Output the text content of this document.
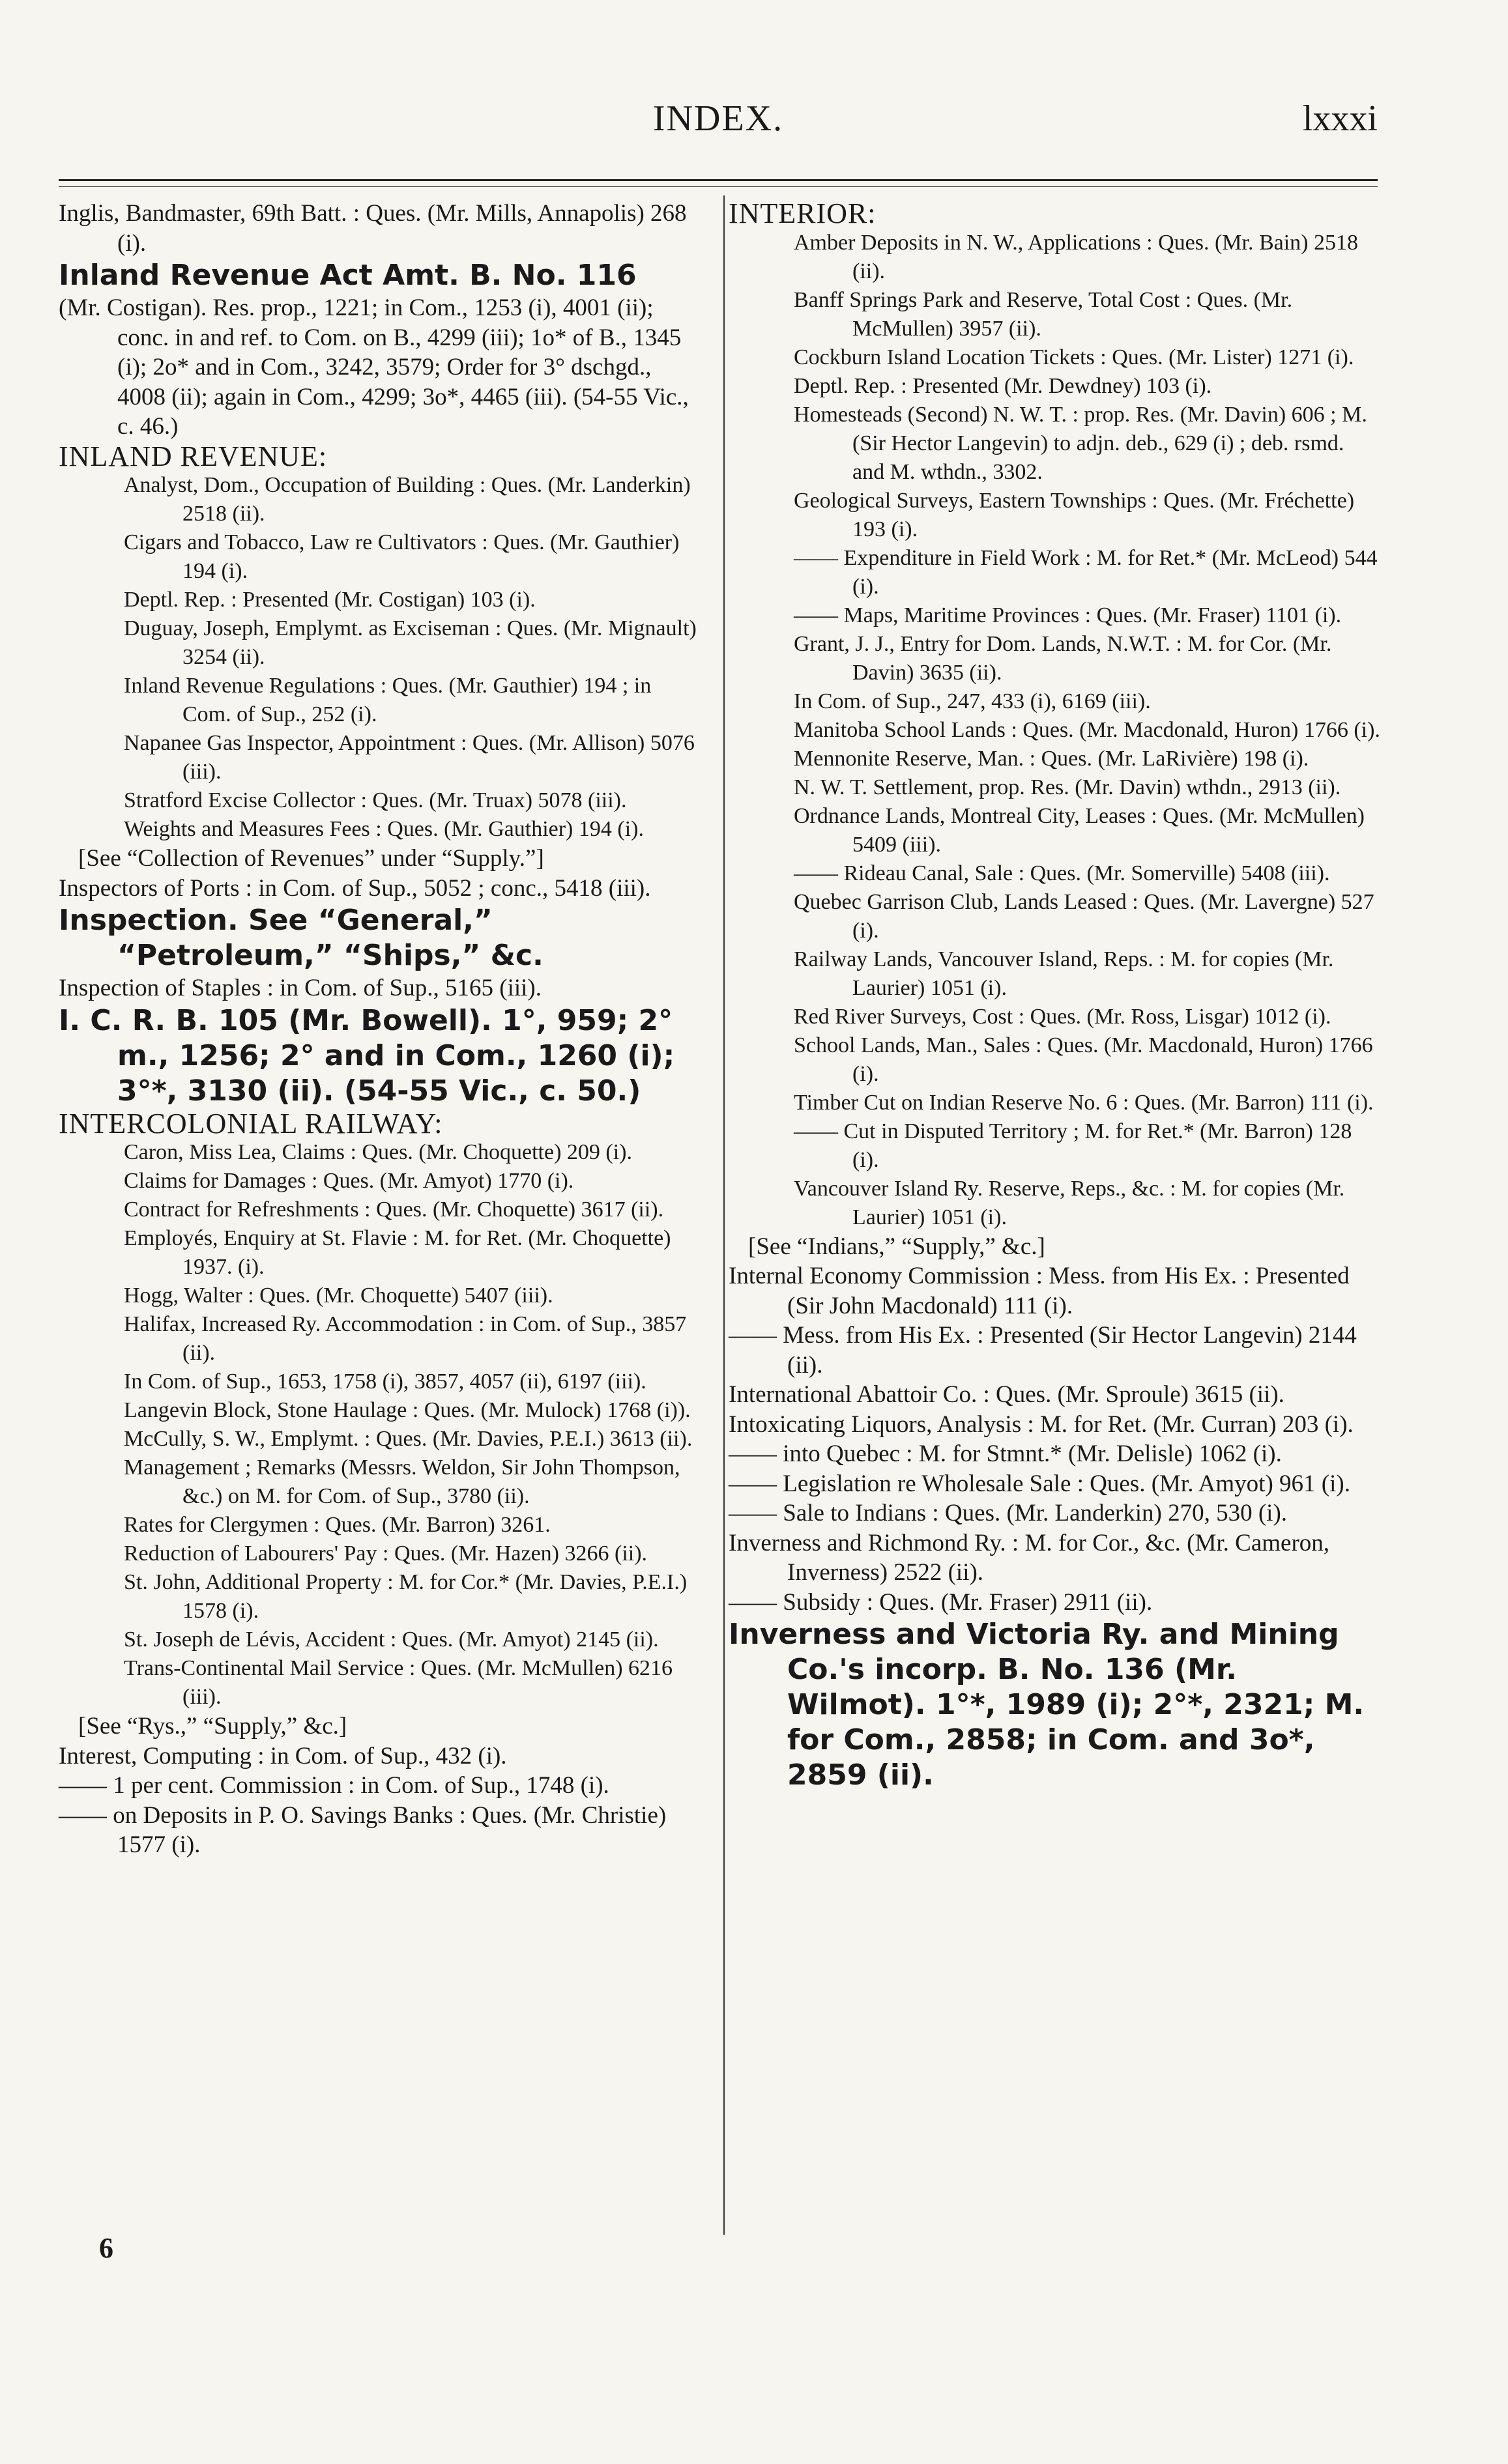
INDEX.	lxxxi

Inglis, Bandmaster, 69th Batt. : Ques. (Mr. Mills, Annapolis) 268 (i).

Inland Revenue Act Amt. B. No. 116

(Mr. Costigan). Res. prop., 1221; in Com., 1253 (i), 4001 (ii); conc. in and ref. to Com. on B., 4299 (iii); 1o* of B., 1345 (i); 2o* and in Com., 3242, 3579; Order for 3° dschgd., 4008 (ii); again in Com., 4299; 3o*, 4465 (iii). (54-55 Vic., c. 46.)

INLAND REVENUE:

Analyst, Dom., Occupation of Building : Ques. (Mr. Landerkin) 2518 (ii).

Cigars and Tobacco, Law re Cultivators : Ques. (Mr. Gauthier) 194 (i).

Deptl. Rep. : Presented (Mr. Costigan) 103 (i).

Duguay, Joseph, Emplymt. as Exciseman : Ques. (Mr. Mignault) 3254 (ii).

Inland Revenue Regulations : Ques. (Mr. Gauthier) 194 ; in Com. of Sup., 252 (i).

Napanee Gas Inspector, Appointment : Ques. (Mr. Allison) 5076 (iii).

Stratford Excise Collector : Ques. (Mr. Truax) 5078 (iii).

Weights and Measures Fees : Ques. (Mr. Gauthier) 194 (i).

[See “Collection of Revenues” under “Supply.”]

Inspectors of Ports : in Com. of Sup., 5052 ; conc., 5418 (iii).

Inspection. See “General,” “Petroleum,” “Ships,” &c.

Inspection of Staples : in Com. of Sup., 5165 (iii).

I. C. R. B. 105 (Mr. Bowell). 1°, 959; 2° m., 1256; 2° and in Com., 1260 (i); 3°*, 3130 (ii). (54-55 Vic., c. 50.)

INTERCOLONIAL RAILWAY:

Caron, Miss Lea, Claims : Ques. (Mr. Choquette) 209 (i).

Claims for Damages : Ques. (Mr. Amyot) 1770 (i).

Contract for Refreshments : Ques. (Mr. Choquette) 3617 (ii).

Employés, Enquiry at St. Flavie : M. for Ret. (Mr. Choquette) 1937. (i).

Hogg, Walter : Ques. (Mr. Choquette) 5407 (iii).

Halifax, Increased Ry. Accommodation : in Com. of Sup., 3857 (ii).

In Com. of Sup., 1653, 1758 (i), 3857, 4057 (ii), 6197 (iii).

Langevin Block, Stone Haulage : Ques. (Mr. Mulock) 1768 (i)).

McCully, S. W., Emplymt. : Ques. (Mr. Davies, P.E.I.) 3613 (ii).

Management ; Remarks (Messrs. Weldon, Sir John Thompson, &c.) on M. for Com. of Sup., 3780 (ii).

Rates for Clergymen : Ques. (Mr. Barron) 3261.

Reduction of Labourers' Pay : Ques. (Mr. Hazen) 3266 (ii).

St. John, Additional Property : M. for Cor.* (Mr. Davies, P.E.I.) 1578 (i).

St. Joseph de Lévis, Accident : Ques. (Mr. Amyot) 2145 (ii).

Trans-Continental Mail Service : Ques. (Mr. McMullen) 6216 (iii).

[See “Rys.,” “Supply,” &c.]

Interest, Computing : in Com. of Sup., 432 (i).

—— 1 per cent. Commission : in Com. of Sup., 1748 (i).

—— on Deposits in P. O. Savings Banks : Ques. (Mr. Christie) 1577 (i).

INTERIOR:

Amber Deposits in N. W., Applications : Ques. (Mr. Bain) 2518 (ii).

Banff Springs Park and Reserve, Total Cost : Ques. (Mr. McMullen) 3957 (ii).

Cockburn Island Location Tickets : Ques. (Mr. Lister) 1271 (i).

Deptl. Rep. : Presented (Mr. Dewdney) 103 (i).

Homesteads (Second) N. W. T. : prop. Res. (Mr. Davin) 606 ; M. (Sir Hector Langevin) to adjn. deb., 629 (i) ; deb. rsmd. and M. wthdn., 3302.

Geological Surveys, Eastern Townships : Ques. (Mr. Fréchette) 193 (i).

—— Expenditure in Field Work : M. for Ret.* (Mr. McLeod) 544 (i).

—— Maps, Maritime Provinces : Ques. (Mr. Fraser) 1101 (i).

Grant, J. J., Entry for Dom. Lands, N.W.T. : M. for Cor. (Mr. Davin) 3635 (ii).

In Com. of Sup., 247, 433 (i), 6169 (iii).

Manitoba School Lands : Ques. (Mr. Macdonald, Huron) 1766 (i).

Mennonite Reserve, Man. : Ques. (Mr. LaRivière) 198 (i).

N. W. T. Settlement, prop. Res. (Mr. Davin) wthdn., 2913 (ii).

Ordnance Lands, Montreal City, Leases : Ques. (Mr. McMullen) 5409 (iii).

—— Rideau Canal, Sale : Ques. (Mr. Somerville) 5408 (iii).

Quebec Garrison Club, Lands Leased : Ques. (Mr. Lavergne) 527 (i).

Railway Lands, Vancouver Island, Reps. : M. for copies (Mr. Laurier) 1051 (i).

Red River Surveys, Cost : Ques. (Mr. Ross, Lisgar) 1012 (i).

School Lands, Man., Sales : Ques. (Mr. Macdonald, Huron) 1766 (i).

Timber Cut on Indian Reserve No. 6 : Ques. (Mr. Barron) 111 (i).

—— Cut in Disputed Territory ; M. for Ret.* (Mr. Barron) 128 (i).

Vancouver Island Ry. Reserve, Reps., &c. : M. for copies (Mr. Laurier) 1051 (i).

[See “Indians,” “Supply,” &c.]

Internal Economy Commission : Mess. from His Ex. : Presented (Sir John Macdonald) 111 (i).

—— Mess. from His Ex. : Presented (Sir Hector Langevin) 2144 (ii).

International Abattoir Co. : Ques. (Mr. Sproule) 3615 (ii).

Intoxicating Liquors, Analysis : M. for Ret. (Mr. Curran) 203 (i).

—— into Quebec : M. for Stmnt.* (Mr. Delisle) 1062 (i).

—— Legislation re Wholesale Sale : Ques. (Mr. Amyot) 961 (i).

—— Sale to Indians : Ques. (Mr. Landerkin) 270, 530 (i).

Inverness and Richmond Ry. : M. for Cor., &c. (Mr. Cameron, Inverness) 2522 (ii).

—— Subsidy : Ques. (Mr. Fraser) 2911 (ii).

Inverness and Victoria Ry. and Mining Co.'s incorp. B. No. 136 (Mr. Wilmot). 1°*, 1989 (i); 2°*, 2321; M. for Com., 2858; in Com. and 3o*, 2859 (ii).

6
